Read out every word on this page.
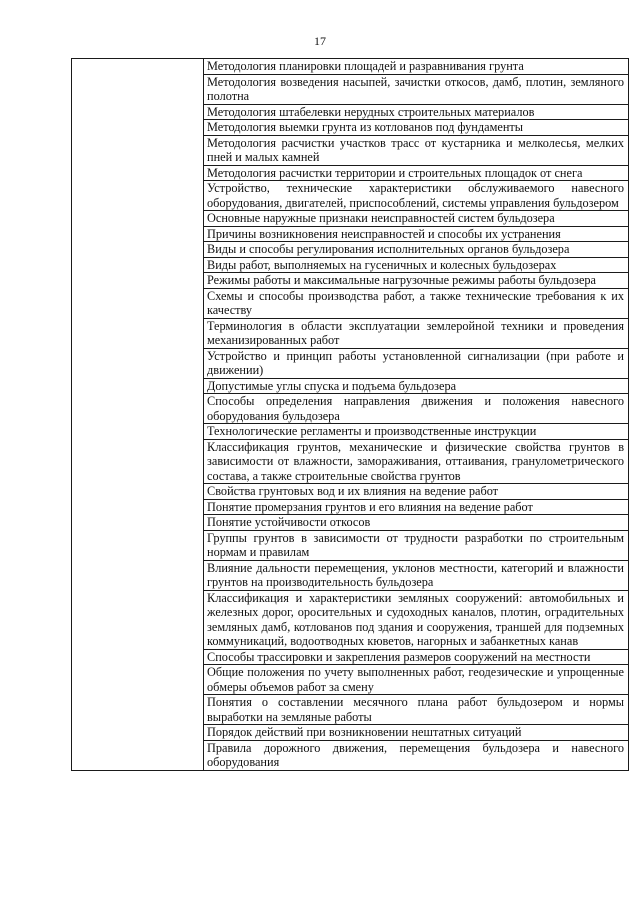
17
	Методология планировки площадей и разравнивания грунта
Методология возведения насыпей, зачистки откосов, дамб, плотин, земляного полотна
Методология штабелевки нерудных строительных материалов
Методология выемки грунта из котлованов под фундаменты
Методология расчистки участков трасс от кустарника и мелколесья, мелких пней и малых камней
Методология расчистки территории и строительных площадок от снега
Устройство, технические характеристики обслуживаемого навесного оборудования, двигателей, приспособлений, системы управления бульдозером
Основные наружные признаки неисправностей систем бульдозера
Причины возникновения неисправностей и способы их устранения
Виды и способы регулирования исполнительных органов бульдозера
Виды работ, выполняемых на гусеничных и колесных бульдозерах
Режимы работы и максимальные нагрузочные режимы работы бульдозера
Схемы и способы производства работ, а также технические требования к их качеству
Терминология в области эксплуатации землеройной техники и проведения механизированных работ
Устройство и принцип работы установленной сигнализации (при работе и движении)
Допустимые углы спуска и подъема бульдозера
Способы определения направления движения и положения навесного оборудования бульдозера
Технологические регламенты и производственные инструкции
Классификация грунтов, механические и физические свойства грунтов в зависимости от влажности, замораживания, оттаивания, гранулометрического состава, а также строительные свойства грунтов
Свойства грунтовых вод и их влияния на ведение работ
Понятие промерзания грунтов и его влияния на ведение работ
Понятие устойчивости откосов
Группы грунтов в зависимости от трудности разработки по строительным нормам и правилам
Влияние дальности перемещения, уклонов местности, категорий и влажности грунтов на производительность бульдозера
Классификация и характеристики земляных сооружений: автомобильных и железных дорог, оросительных и судоходных каналов, плотин, оградительных земляных дамб, котлованов под здания и сооружения, траншей для подземных коммуникаций, водоотводных кюветов, нагорных и забанкетных канав
Способы трассировки и закрепления размеров сооружений на местности
Общие положения по учету выполненных работ, геодезические и упрощенные обмеры объемов работ за смену
Понятия о составлении месячного плана работ бульдозером и нормы выработки на земляные работы
Порядок действий при возникновении нештатных ситуаций
Правила дорожного движения, перемещения бульдозера и навесного оборудования
